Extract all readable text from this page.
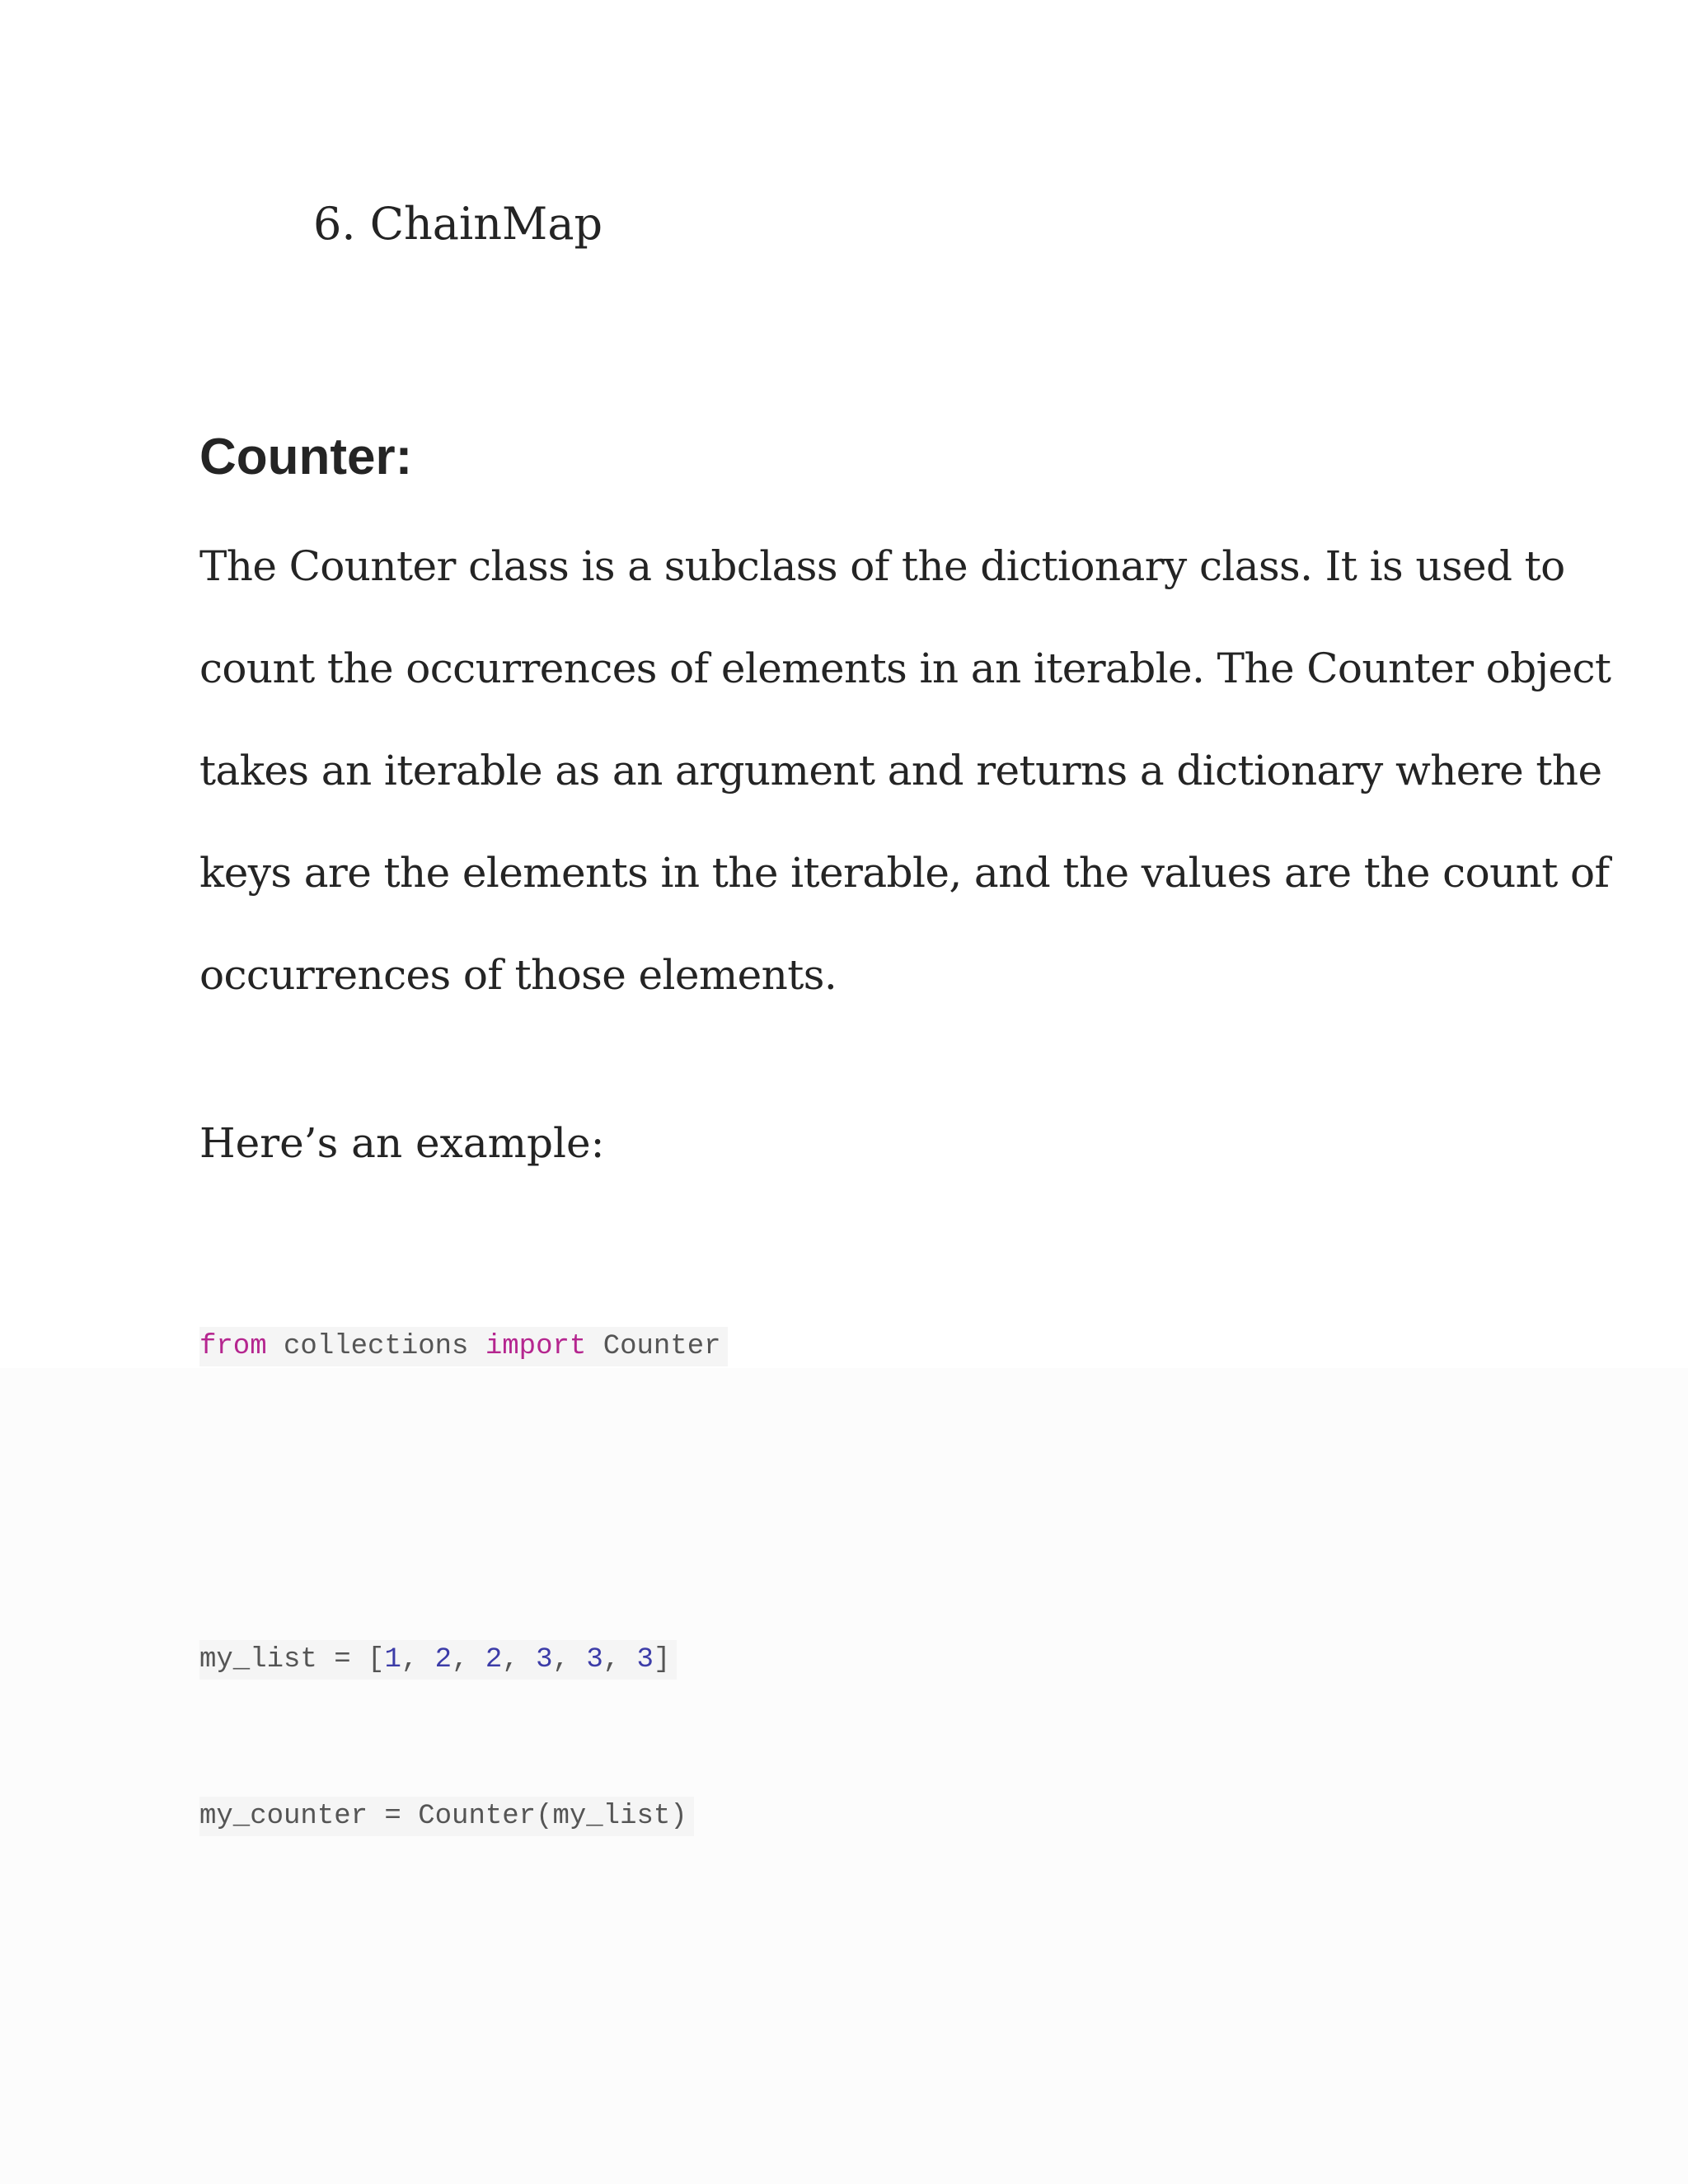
6. ChainMap
Counter:

The Counter class is a subclass of the dictionary class. It is used to
count the occurrences of elements in an iterable. The Counter object
takes an iterable as an argument and returns a dictionary where the
keys are the elements in the iterable, and the values are the count of
occurrences of those elements.

Here’s an example:

from collections import Counter
my_list = [1, 2, 2, 3, 3, 3]
my_counter = Counter(my_list)
